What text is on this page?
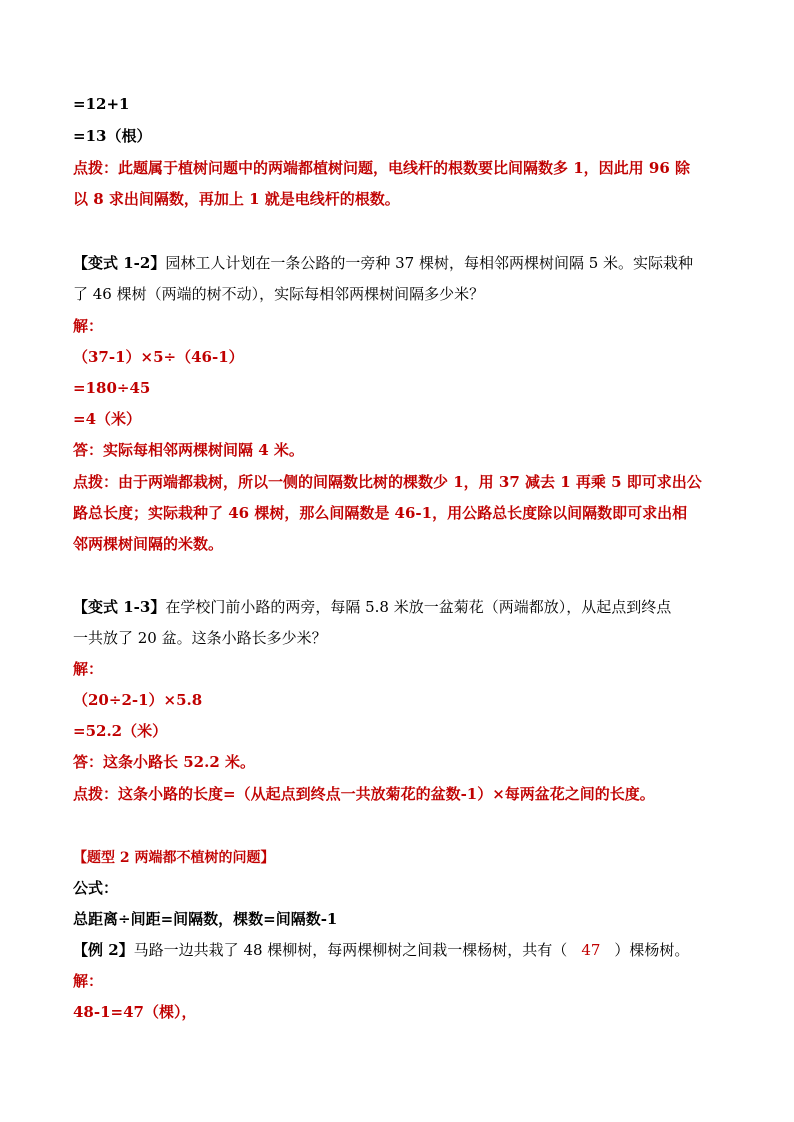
=12+1
=13（根）
点拨：此题属于植树问题中的两端都植树问题，电线杆的根数要比间隔数多 1，因此用 96 除
以 8 求出间隔数，再加上 1 就是电线杆的根数。
【变式 1-2】园林工人计划在一条公路的一旁种 37 棵树，每相邻两棵树间隔 5 米。实际栽种
了 46 棵树（两端的树不动），实际每相邻两棵树间隔多少米？
解：
（37-1）×5÷（46-1）
=180÷45
=4（米）
答：实际每相邻两棵树间隔 4 米。
点拨：由于两端都栽树，所以一侧的间隔数比树的棵数少 1，用 37 减去 1 再乘 5 即可求出公
路总长度；实际栽种了 46 棵树，那么间隔数是 46-1，用公路总长度除以间隔数即可求出相
邻两棵树间隔的米数。
【变式 1-3】在学校门前小路的两旁，每隔 5.8 米放一盆菊花（两端都放），从起点到终点
一共放了 20 盆。这条小路长多少米？
解：
（20÷2-1）×5.8
=52.2（米）
答：这条小路长 52.2 米。
点拨：这条小路的长度=（从起点到终点一共放菊花的盆数-1）×每两盆花之间的长度。
【题型 2 两端都不植树的问题】
公式：
总距离÷间距=间隔数，棵数=间隔数-1
【例 2】马路一边共栽了 48 棵柳树，每两棵柳树之间栽一棵杨树，共有（ 47 ）棵杨树。
解：
48-1=47（棵），
